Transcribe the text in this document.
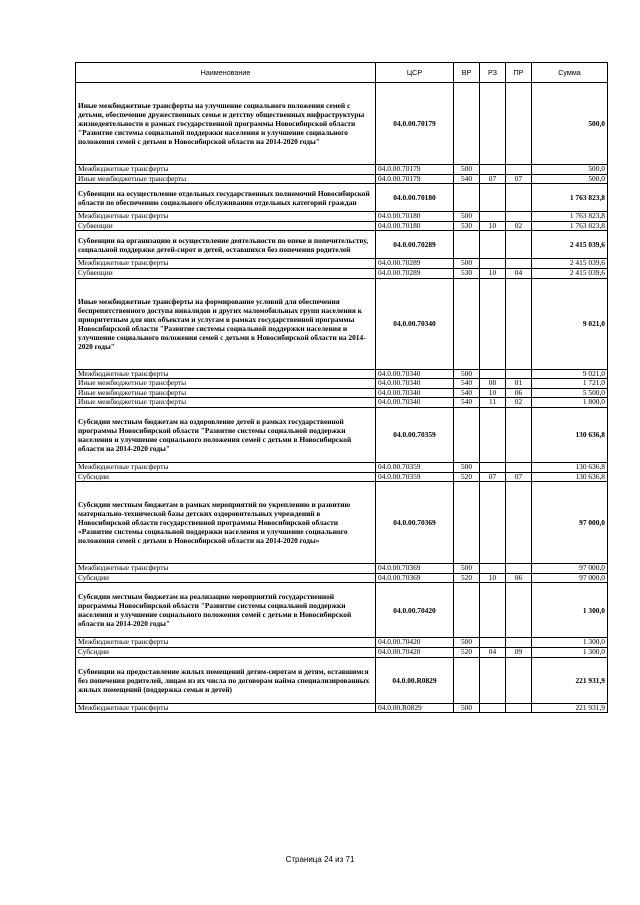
Наименование	ЦСР	ВР	РЗ	ПР	Сумма
Иные межбюджетные трансферты на улучшение социального положения семей с детьми, обеспечение дружественных семье и детству общественных инфраструктуры жизнедеятельности в рамках государственной программы Новосибирской области "Развитие системы социальной поддержки населения и улучшение социального положения семей с детьми в Новосибирской области на 2014-2020 годы"	04.0.00.70179				500,0
Межбюджетные трансферты	04.0.00.70179	500			500,0
Иные межбюджетные трансферты	04.0.00.70179	540	07	07	500,0
Субвенции на осуществление отдельных государственных полномочий Новосибирской области по обеспечению социального обслуживания отдельных категорий граждан	04.0.00.70180				1 763 823,8
Межбюджетные трансферты	04.0.00.70180	500			1 763 823,8
Субвенции	04.0.00.70180	530	10	02	1 763 823,8
Субвенции на организацию и осуществление деятельности по опеке и попечительству, социальной поддержке детей-сирот и детей, оставшихся без попечения родителей	04.0.00.70289				2 415 039,6
Межбюджетные трансферты	04.0.00.70289	500			2 415 039,6
Субвенции	04.0.00.70289	530	10	04	2 415 039,6
Иные межбюджетные трансферты на формирование условий для обеспечения беспрепятственного доступа инвалидов и других маломобильных групп населения к приоритетным для них объектам и услугам в рамках государственной программы Новосибирской области "Развитие системы социальной поддержки населения и улучшение социального положения семей с детьми в Новосибирской области на 2014-2020 годы"	04.0.00.70340				9 021,0
Межбюджетные трансферты	04.0.00.70340	500			9 021,0
Иные межбюджетные трансферты	04.0.00.70340	540	08	01	1 721,0
Иные межбюджетные трансферты	04.0.00.70340	540	10	06	5 500,0
Иные межбюджетные трансферты	04.0.00.70340	540	11	02	1 800,0
Субсидии местным бюджетам на оздоровление детей в рамках государственной программы Новосибирской области "Развитие системы социальной поддержки населения и улучшение социального положения семей с детьми в Новосибирской области на 2014-2020 годы"	04.0.00.70359				130 636,8
Межбюджетные трансферты	04.0.00.70359	500			130 636,8
Субсидии	04.0.00.70359	520	07	07	130 636,8
Субсидии местным бюджетам в рамках мероприятий по укреплению и развитию материально-технической базы детских оздоровительных учреждений в Новосибирской области государственной программы Новосибирской области «Развитие системы социальной поддержки населения и улучшение социального положения семей с детьми в Новосибирской области на 2014-2020 годы»	04.0.00.70369				97 000,0
Межбюджетные трансферты	04.0.00.70369	500			97 000,0
Субсидии	04.0.00.70369	520	10	06	97 000,0
Субсидии местным бюджетам на реализацию мероприятий государственной программы Новосибирской области "Развитие системы социальной поддержки населения и улучшение социального положения семей с детьми в Новосибирской области на 2014-2020 годы"	04.0.00.70420				1 300,0
Межбюджетные трансферты	04.0.00.70420	500			1 300,0
Субсидии	04.0.00.70420	520	04	09	1 300,0
Субвенции на предоставление жилых помещений детям-сиротам и детям, оставшимся без попечения родителей, лицам из их числа по договорам найма специализированных жилых помещений (поддержка семьи и детей)	04.0.00.R0829				221 931,9
Межбюджетные трансферты	04.0.00.R0829	500			221 931,9
Страница 24 из 71
